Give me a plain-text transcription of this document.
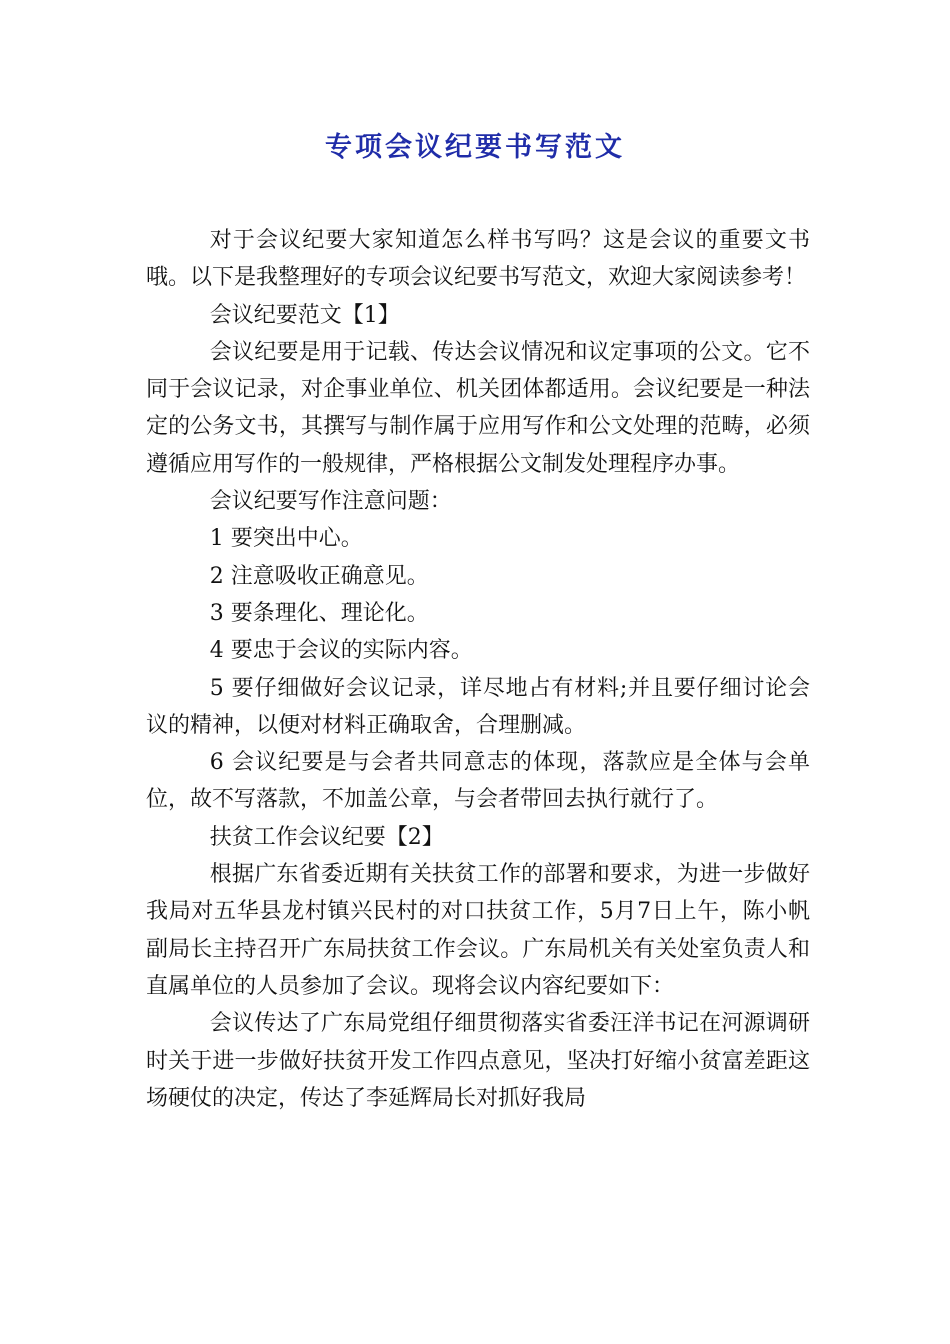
专项会议纪要书写范文

对于会议纪要大家知道怎么样书写吗？这是会议的重要文书哦。以下是我整理好的专项会议纪要书写范文，欢迎大家阅读参考！

会议纪要范文【1】

会议纪要是用于记载、传达会议情况和议定事项的公文。它不同于会议记录，对企事业单位、机关团体都适用。会议纪要是一种法定的公务文书，其撰写与制作属于应用写作和公文处理的范畴，必须遵循应用写作的一般规律，严格根据公文制发处理程序办事。

会议纪要写作注意问题：

1 要突出中心。

2 注意吸收正确意见。

3 要条理化、理论化。

4 要忠于会议的实际内容。

5 要仔细做好会议记录，详尽地占有材料;并且要仔细讨论会议的精神，以便对材料正确取舍，合理删减。

6 会议纪要是与会者共同意志的体现，落款应是全体与会单位，故不写落款，不加盖公章，与会者带回去执行就行了。

扶贫工作会议纪要【2】

根据广东省委近期有关扶贫工作的部署和要求，为进一步做好我局对五华县龙村镇兴民村的对口扶贫工作，5月7日上午，陈小帆副局长主持召开广东局扶贫工作会议。广东局机关有关处室负责人和直属单位的人员参加了会议。现将会议内容纪要如下：

会议传达了广东局党组仔细贯彻落实省委汪洋书记在河源调研时关于进一步做好扶贫开发工作四点意见，坚决打好缩小贫富差距这场硬仗的决定，传达了李延辉局长对抓好我局
